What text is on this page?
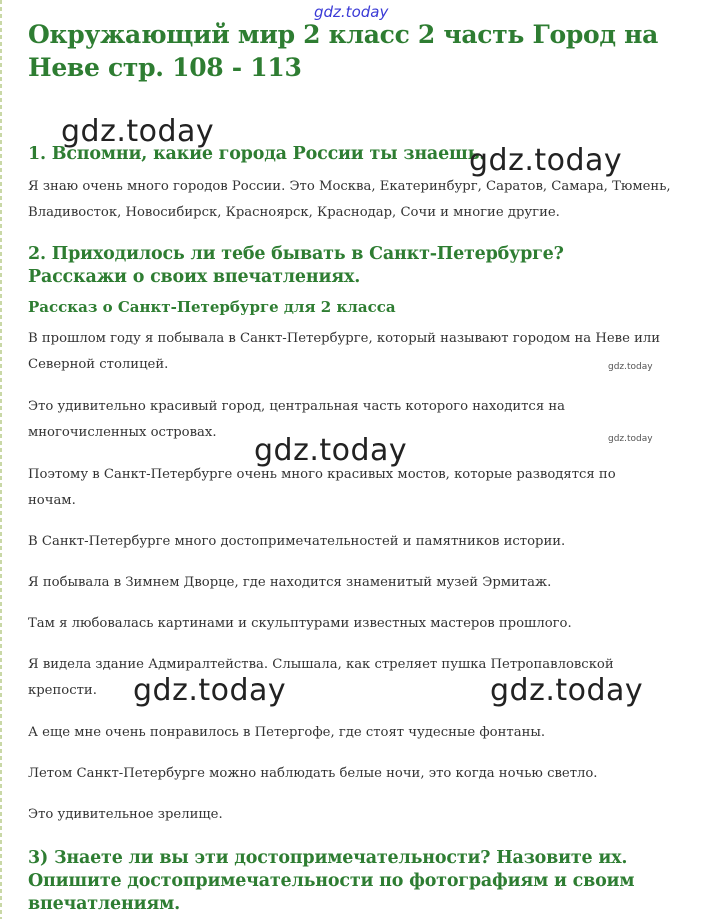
Окружающий мир 2 класс 2 часть Город на Неве стр. 108 - 113
1. Вспомни, какие города России ты знаешь.

Я знаю очень много городов России. Это Москва, Екатеринбург, Саратов, Самара, Тюмень, Владивосток, Новосибирск, Красноярск, Краснодар, Сочи и многие другие.

2. Приходилось ли тебе бывать в Санкт-Петербурге? Расскажи о своих впечатлениях.
Рассказ о Санкт-Петербурге для 2 класса

В прошлом году я побывала в Санкт-Петербурге, который называют городом на Неве или Северной столицей.

Это удивительно красивый город, центральная часть которого находится на многочисленных островах.

Поэтому в Санкт-Петербурге очень много красивых мостов, которые разводятся по ночам.

В Санкт-Петербурге много достопримечательностей и памятников истории.

Я побывала в Зимнем Дворце, где находится знаменитый музей Эрмитаж.

Там я любовалась картинами и скульптурами известных мастеров прошлого.

Я видела здание Адмиралтейства. Слышала, как стреляет пушка Петропавловской крепости.

А еще мне очень понравилось в Петергофе, где стоят чудесные фонтаны.

Летом Санкт-Петербурге можно наблюдать белые ночи, это когда ночью светло.

Это удивительное зрелище.

3) Знаете ли вы эти достопримечательности? Назовите их. Опишите достопримечательности по фотографиям и своим впечатлениям.
gdz.today
gdz.today
gdz.today
gdz.today
gdz.today
gdz.today
gdz.today	gdz.today
